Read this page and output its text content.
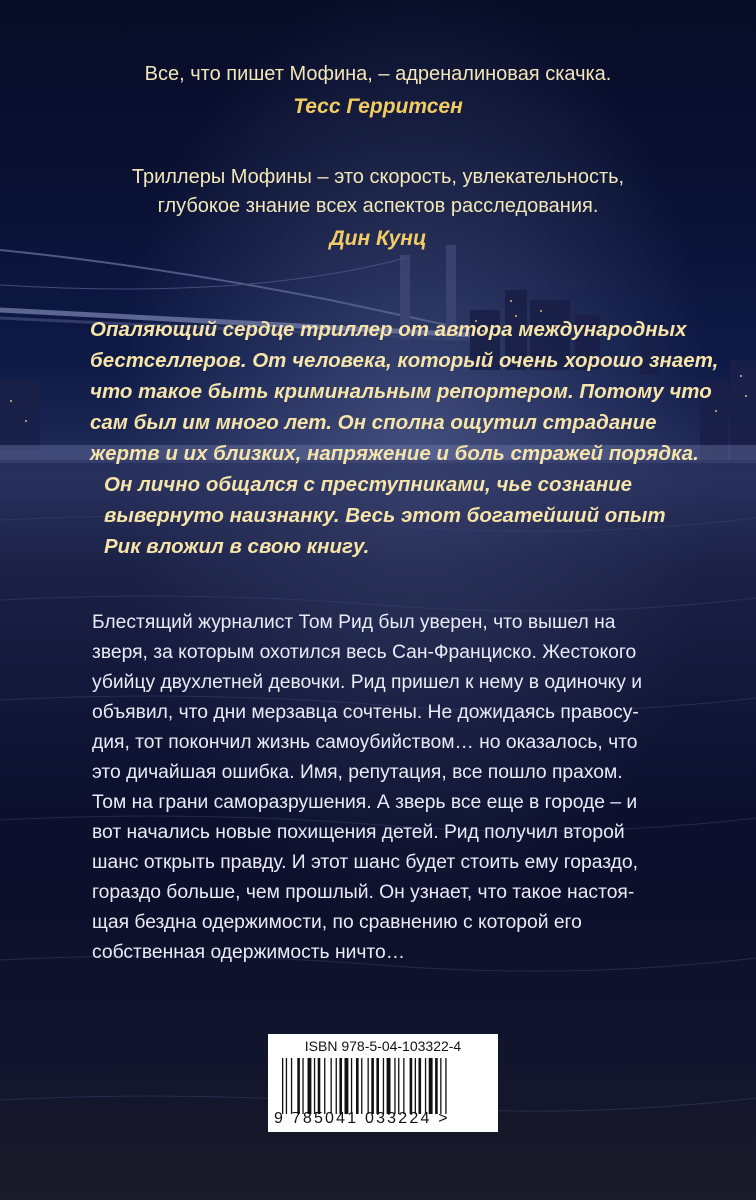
Все, что пишет Мофина, – адреналиновая скачка.

Тесс Герритсен

Триллеры Мофины – это скорость, увлекательность,

глубокое знание всех аспектов расследования.

Дин Кунц

Опаляющий сердце триллер от автора международных
бестселлеров. От человека, который очень хорошо знает,
что такое быть криминальным репортером. Потому что
сам был им много лет. Он сполна ощутил страдание
жертв и их близких, напряжение и боль стражей порядка.
Он лично общался с преступниками, чье сознание
вывернуто наизнанку. Весь этот богатейший опыт
Рик вложил в свою книгу.
Блестящий журналист Том Рид был уверен, что вышел на
зверя, за которым охотился весь Сан-Франциско. Жестокого
убийцу двухлетней девочки. Рид пришел к нему в одиночку и
объявил, что дни мерзавца сочтены. Не дожидаясь правосу-
дия, тот покончил жизнь самоубийством… но оказалось, что
это дичайшая ошибка. Имя, репутация, все пошло прахом.
Том на грани саморазрушения. А зверь все еще в городе – и
вот начались новые похищения детей. Рид получил второй
шанс открыть правду. И этот шанс будет стоить ему гораздо,
гораздо больше, чем прошлый. Он узнает, что такое настоя-
щая бездна одержимости, по сравнению с которой его
собственная одержимость ничто…
ISBN 978-5-04-103322-4
9 785041 033224 >
